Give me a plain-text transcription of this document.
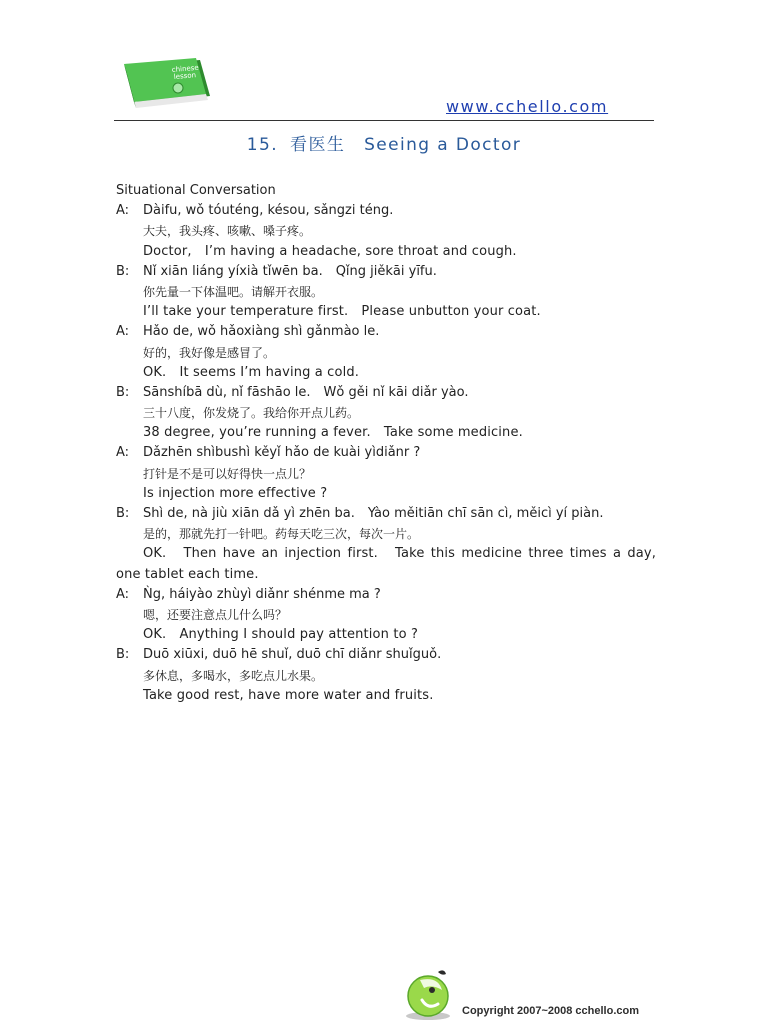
chinese
lesson
www.cchello.com
15. 看医生 Seeing a Doctor
Situational Conversation
A: Dàifu, wǒ tóuténg, késou, sǎngzi téng.
大夫，我头疼、咳嗽、嗓子疼。
Doctor,　I’m having a headache, sore throat and cough.
B: Nǐ xiān liáng yíxià tǐwēn ba.　Qǐng jiěkāi yīfu.
你先量一下体温吧。请解开衣服。
I’ll take your temperature first.　Please unbutton your coat.
A: Hǎo de, wǒ hǎoxiàng shì gǎnmào le.
好的，我好像是感冒了。
OK.　It seems I’m having a cold.
B: Sānshíbā dù, nǐ fāshāo le.　Wǒ gěi nǐ kāi diǎr yào.
三十八度，你发烧了。我给你开点儿药。
38 degree, you’re running a fever.　Take some medicine.
A: Dǎzhēn shìbushì kěyǐ hǎo de kuài yìdiǎnr ?
打针是不是可以好得快一点儿？
Is injection more effective ?
B: Shì de, nà jiù xiān dǎ yì zhēn ba.　Yào měitiān chī sān cì, měicì yí piàn.
是的，那就先打一针吧。药每天吃三次，每次一片。
OK.　Then have an injection first.　Take this medicine three times a day,
one tablet each time.
A: Ǹg, háiyào zhùyì diǎnr shénme ma ?
嗯，还要注意点儿什么吗？
OK.　Anything I should pay attention to ?
B: Duō xiūxi, duō hē shuǐ, duō chī diǎnr shuǐguǒ.
多休息，多喝水，多吃点儿水果。
Take good rest, have more water and fruits.
Copyright 2007~2008 cchello.com
